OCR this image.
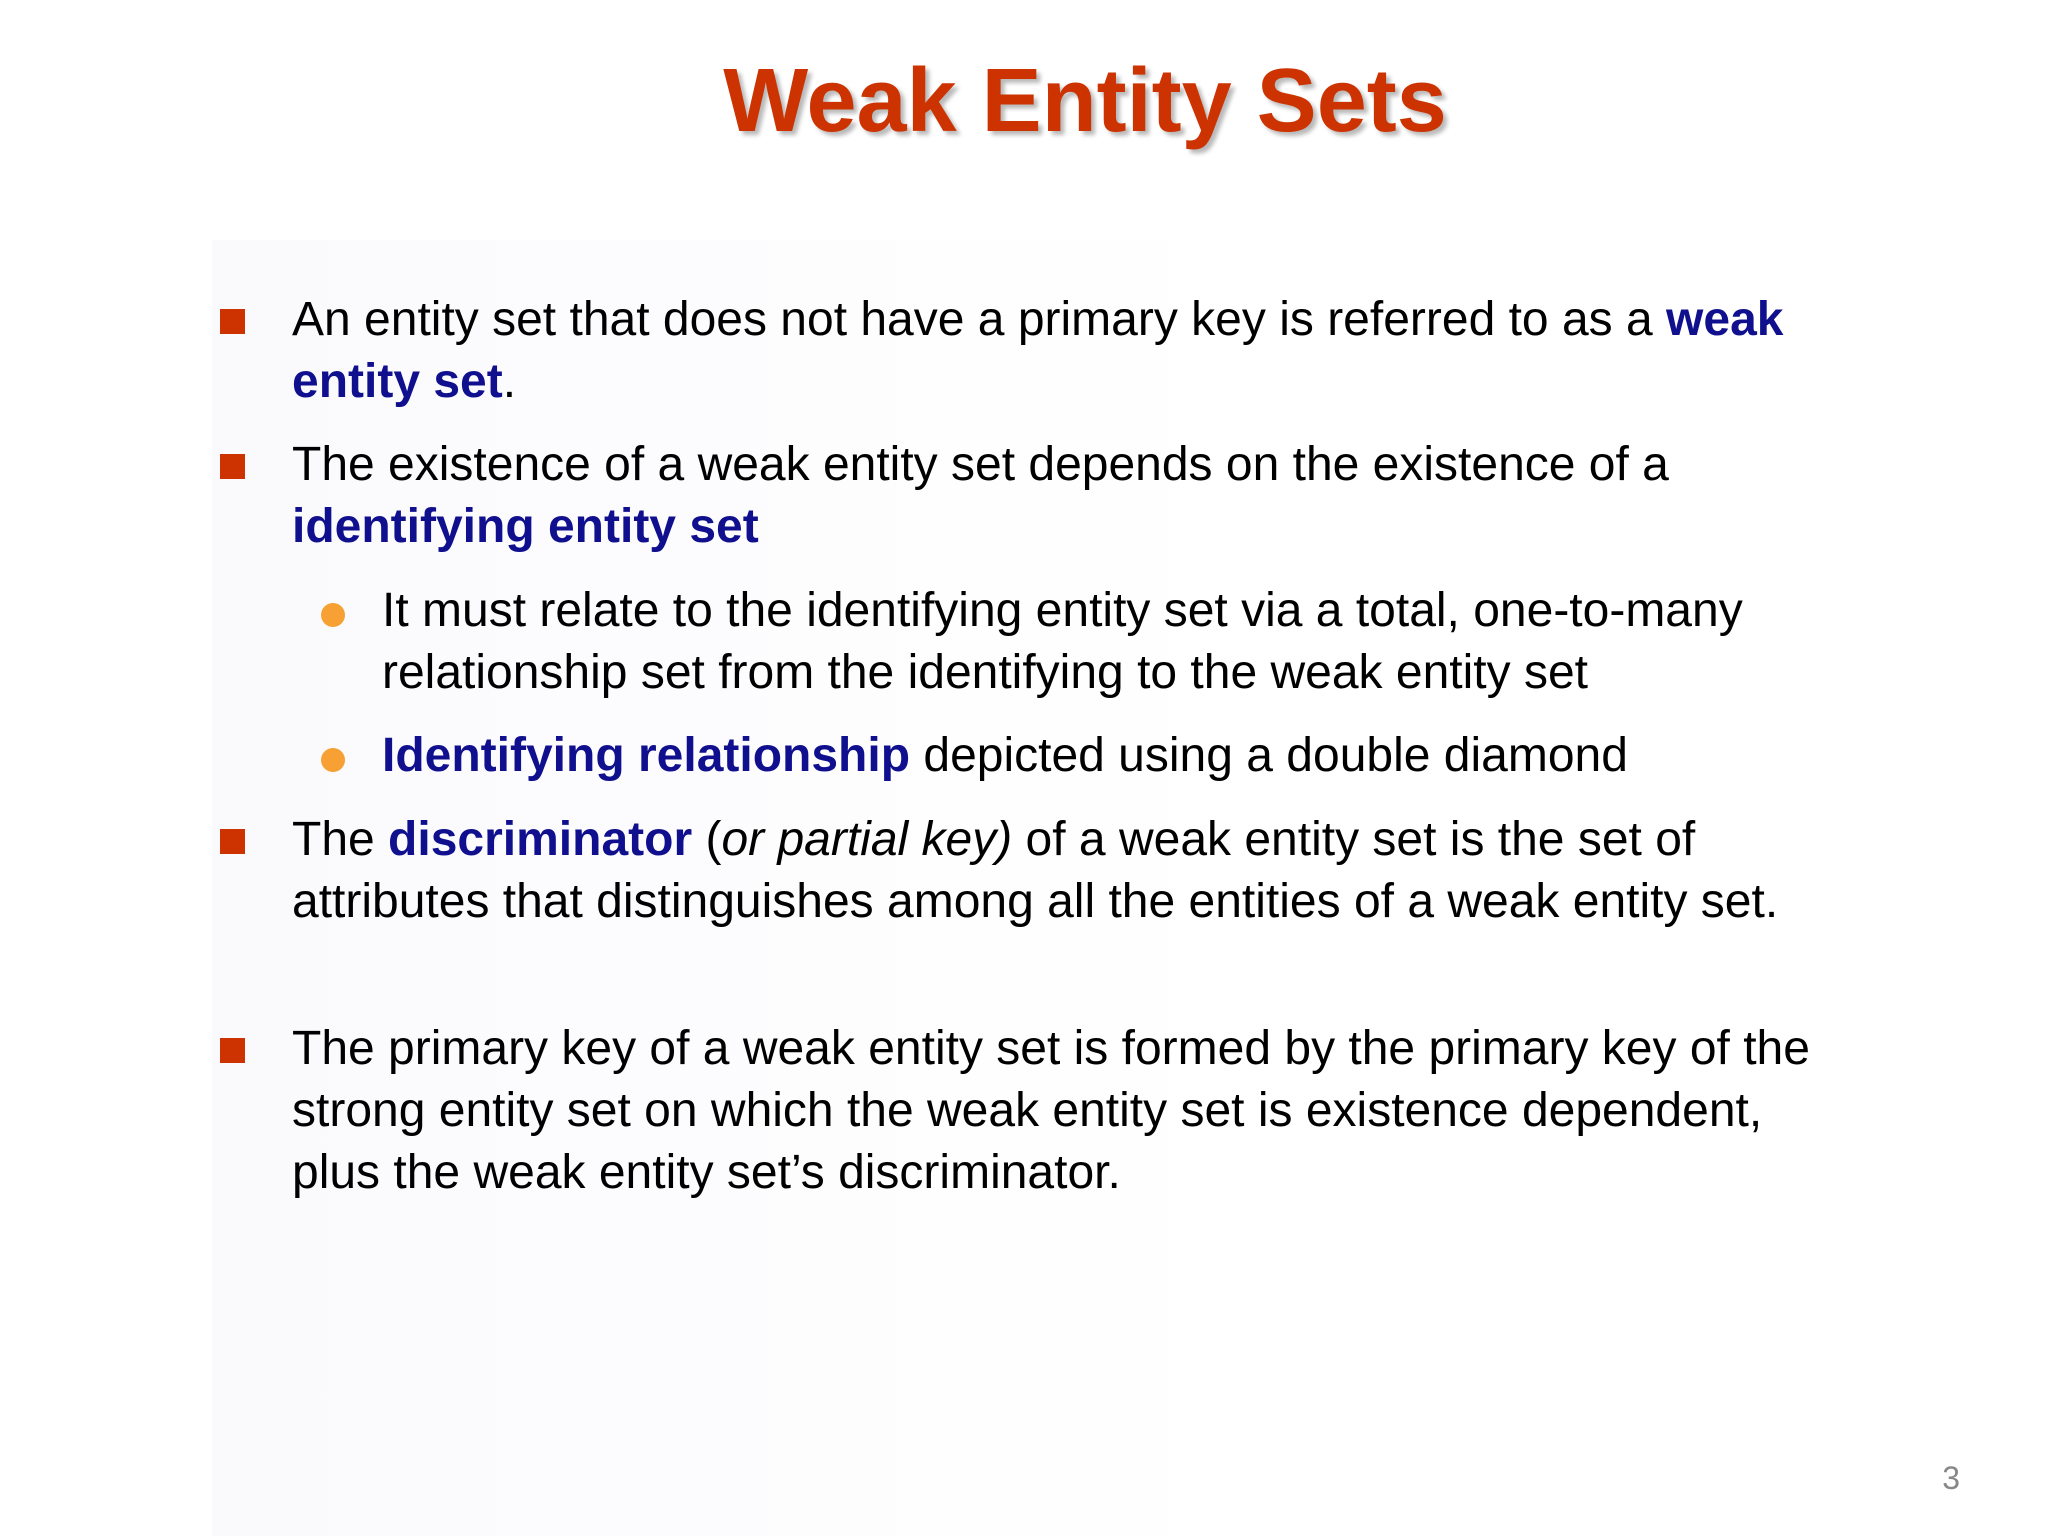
Weak Entity Sets
An entity set that does not have a primary key is referred to as a weak entity set.
The existence of a weak entity set depends on the existence of a identifying entity set
It must relate to the identifying entity set via a total, one-to-many relationship set from the identifying to the weak entity set
Identifying relationship depicted using a double diamond
The discriminator (or partial key) of a weak entity set is the set of attributes that distinguishes among all the entities of a weak entity set.
The primary key of a weak entity set is formed by the primary key of the strong entity set on which the weak entity set is existence dependent, plus the weak entity set’s discriminator.
3
